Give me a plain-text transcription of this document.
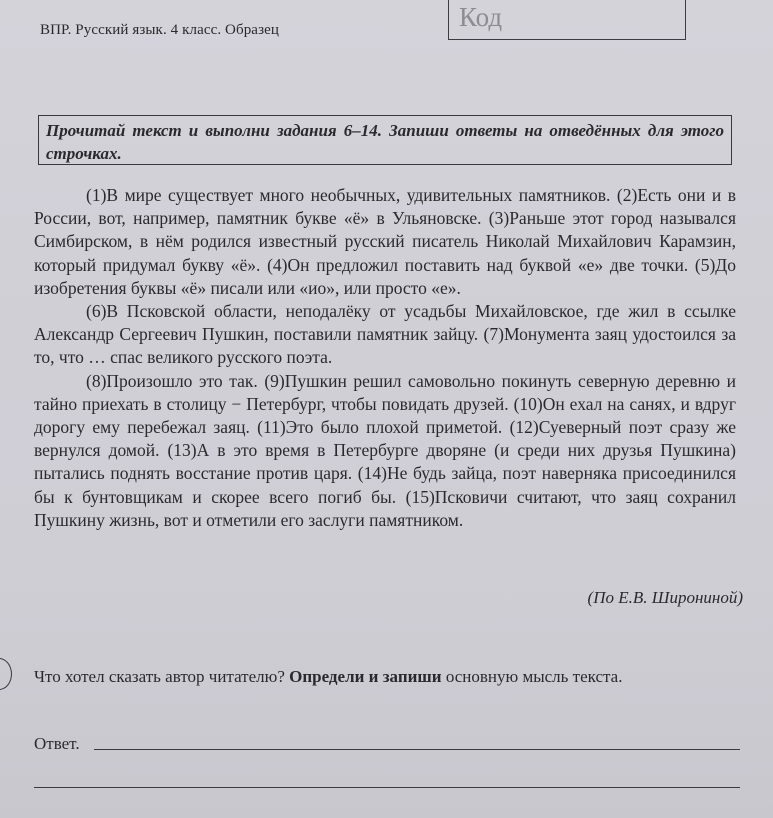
ВПР. Русский язык. 4 класс. Образец	Код
Прочитай текст и выполни задания 6–14. Запиши ответы на отведённых для этого строчках.

(1)В мире существует много необычных, удивительных памятников. (2)Есть они и в России, вот, например, памятник букве «ё» в Ульяновске. (3)Раньше этот город назывался Симбирском, в нём родился известный русский писатель Николай Михайлович Карамзин, который придумал букву «ё». (4)Он предложил поставить над буквой «е» две точки. (5)До изобретения буквы «ё» писали или «ио», или просто «е».

(6)В Псковской области, неподалёку от усадьбы Михайловское, где жил в ссылке Александр Сергеевич Пушкин, поставили памятник зайцу. (7)Монумента заяц удостоился за то, что … спас великого русского поэта.

(8)Произошло это так. (9)Пушкин решил самовольно покинуть северную деревню и тайно приехать в столицу − Петербург, чтобы повидать друзей. (10)Он ехал на санях, и вдруг дорогу ему перебежал заяц. (11)Это было плохой приметой. (12)Суеверный поэт сразу же вернулся домой. (13)А в это время в Петербурге дворяне (и среди них друзья Пушкина) пытались поднять восстание против царя. (14)Не будь зайца, поэт наверняка присоединился бы к бунтовщикам и скорее всего погиб бы. (15)Псковичи считают, что заяц сохранил Пушкину жизнь, вот и отметили его заслуги памятником.

(По Е.В. Широниной)
Что хотел сказать автор читателю? Определи и запиши основную мысль текста.
Ответ.
